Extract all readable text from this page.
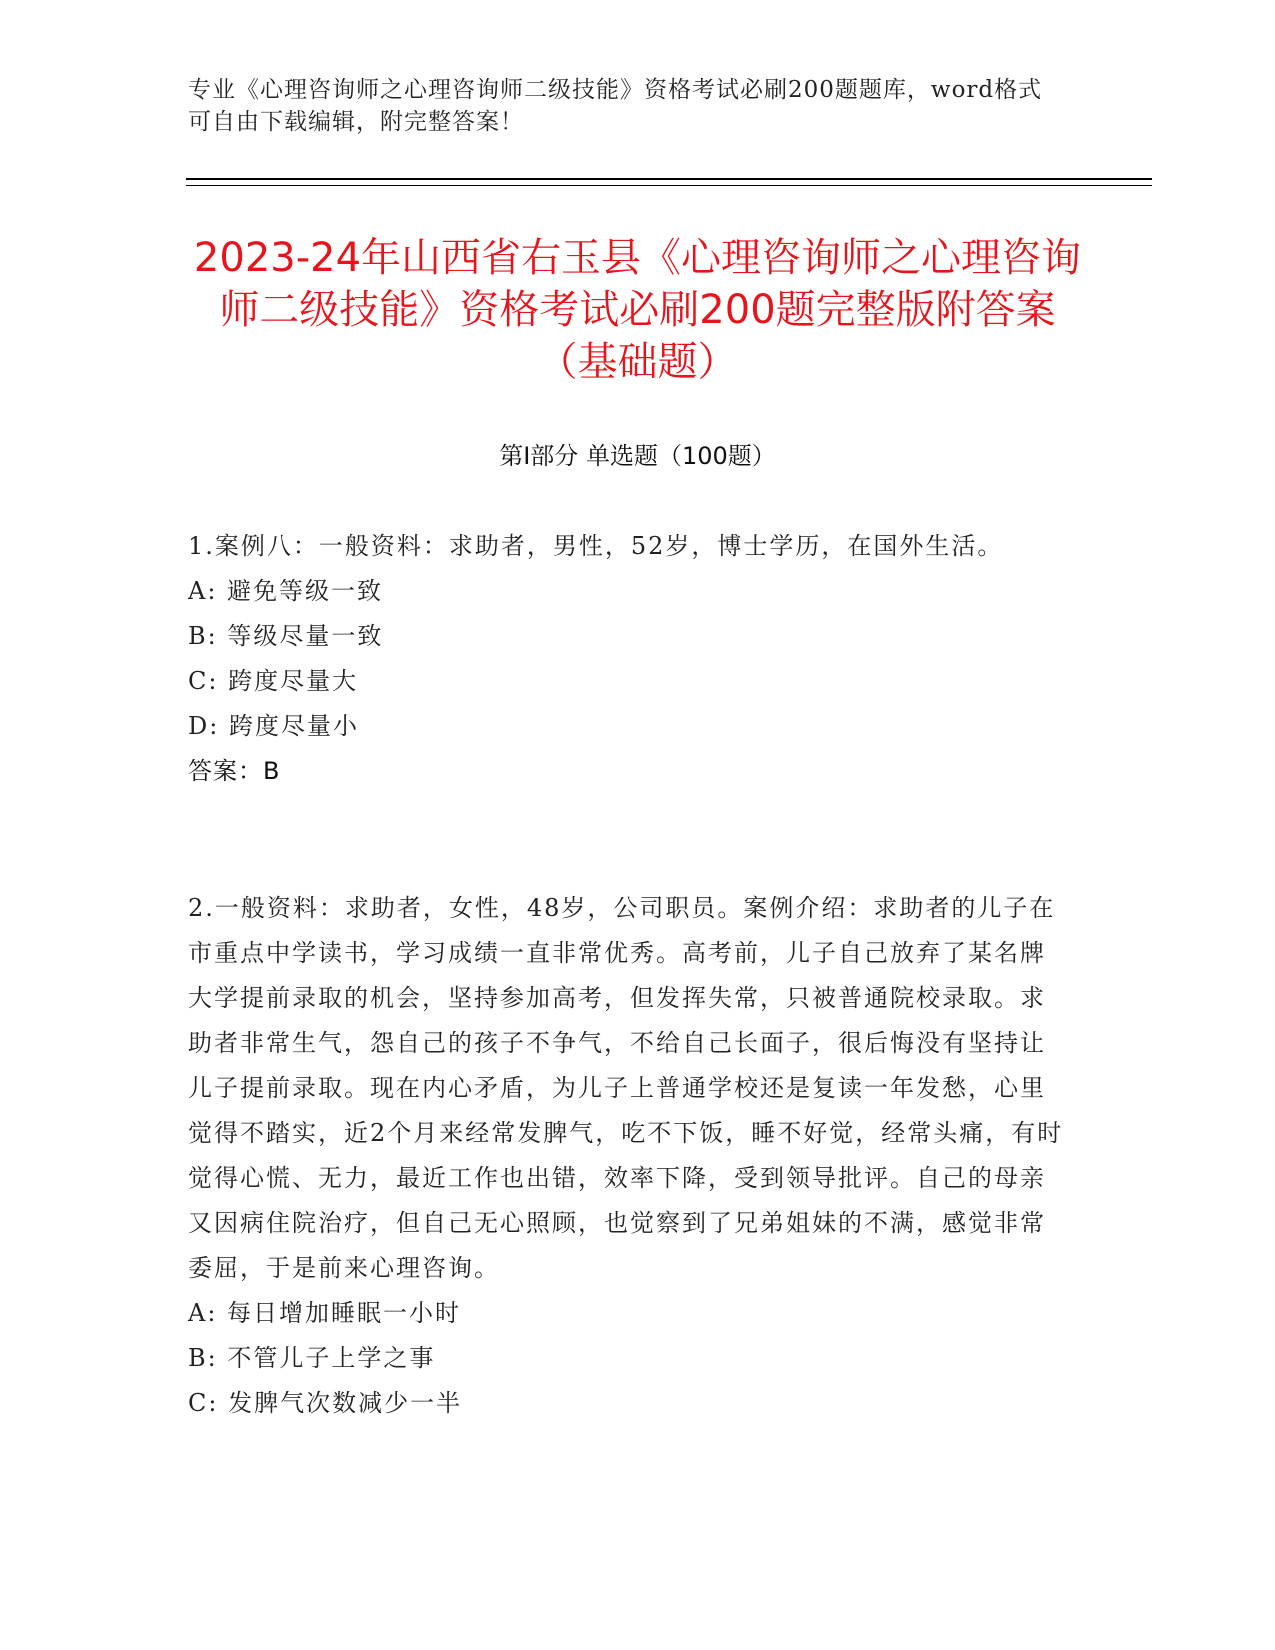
专业《心理咨询师之心理咨询师二级技能》资格考试必刷200题题库，word格式可自由下载编辑，附完整答案！
2023-24年山西省右玉县《心理咨询师之心理咨询师二级技能》资格考试必刷200题完整版附答案（基础题）
第Ⅰ部分 单选题（100题）

1.案例八：一般资料：求助者，男性，52岁，博士学历，在国外生活。

A: 避免等级一致

B: 等级尽量一致

C: 跨度尽量大

D: 跨度尽量小

答案：B

2.一般资料：求助者，女性，48岁，公司职员。案例介绍：求助者的儿子在市重点中学读书，学习成绩一直非常优秀。高考前，儿子自己放弃了某名牌大学提前录取的机会，坚持参加高考，但发挥失常，只被普通院校录取。求助者非常生气，怨自己的孩子不争气，不给自己长面子，很后悔没有坚持让儿子提前录取。现在内心矛盾，为儿子上普通学校还是复读一年发愁，心里觉得不踏实，近2个月来经常发脾气，吃不下饭，睡不好觉，经常头痛，有时觉得心慌、无力，最近工作也出错，效率下降，受到领导批评。自己的母亲又因病住院治疗，但自己无心照顾，也觉察到了兄弟姐妹的不满，感觉非常委屈，于是前来心理咨询。

A: 每日增加睡眠一小时

B: 不管儿子上学之事

C: 发脾气次数减少一半
